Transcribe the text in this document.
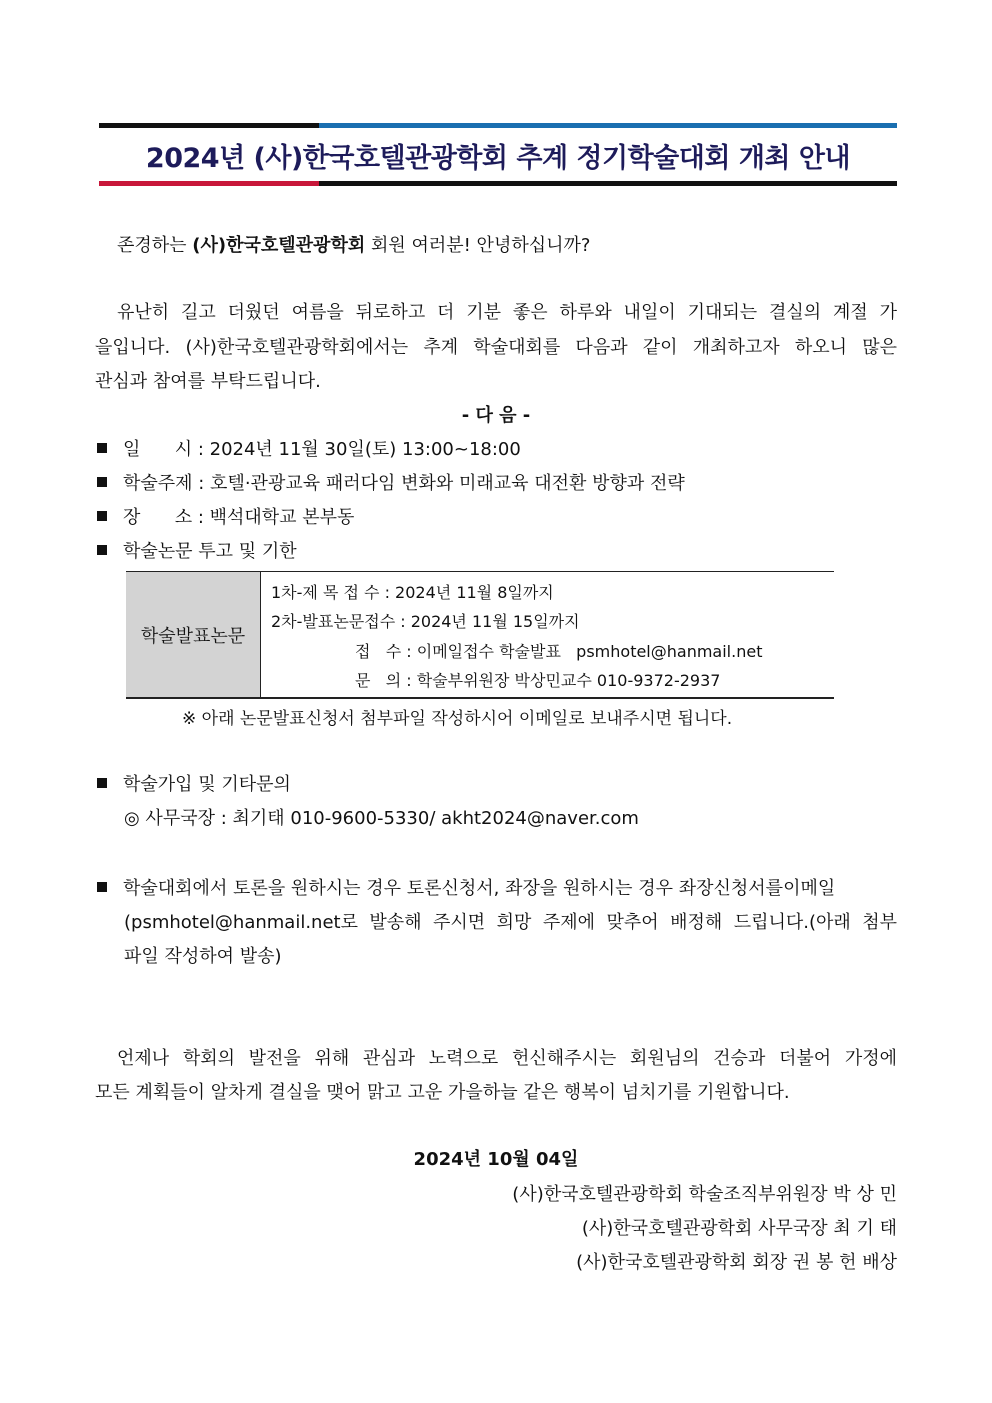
2024년 (사)한국호텔관광학회 추계 정기학술대회 개최 안내
존경하는 (사)한국호텔관광학회 회원 여러분! 안녕하십니까?
유난히 길고 더웠던 여름을 뒤로하고 더 기분 좋은 하루와 내일이 기대되는 결실의 계절 가
을입니다. (사)한국호텔관광학회에서는 추계 학술대회를 다음과 같이 개최하고자 하오니 많은
관심과 참여를 부탁드립니다.
- 다 음 -
일      시 : 2024년 11월 30일(토) 13:00~18:00
학술주제 : 호텔·관광교육 패러다임 변화와 미래교육 대전환 방향과 전략
장      소 : 백석대학교 본부동
학술논문 투고 및 기한
학술발표논문
1차-제 목 접 수 : 2024년 11월 8일까지
2차-발표논문접수 : 2024년 11월 15일까지
접   수 : 이메일접수 학술발표   psmhotel@hanmail.net
문   의 : 학술부위원장 박상민교수 010-9372-2937
※ 아래 논문발표신청서 첨부파일 작성하시어 이메일로 보내주시면 됩니다.
학술가입 및 기타문의
◎ 사무국장 : 최기태 010-9600-5330/ akht2024@naver.com
학술대회에서 토론을 원하시는 경우 토론신청서, 좌장을 원하시는 경우 좌장신청서를이메일
(psmhotel@hanmail.net로 발송해 주시면 희망 주제에 맞추어 배정해 드립니다.(아래 첨부
파일 작성하여 발송)
언제나 학회의 발전을 위해 관심과 노력으로 헌신해주시는 회원님의 건승과 더불어 가정에
모든 계획들이 알차게 결실을 맺어 맑고 고운 가을하늘 같은 행복이 넘치기를 기원합니다.
2024년 10월 04일
(사)한국호텔관광학회 학술조직부위원장 박 상 민
(사)한국호텔관광학회 사무국장 최 기 태
(사)한국호텔관광학회 회장 권 봉 헌 배상
